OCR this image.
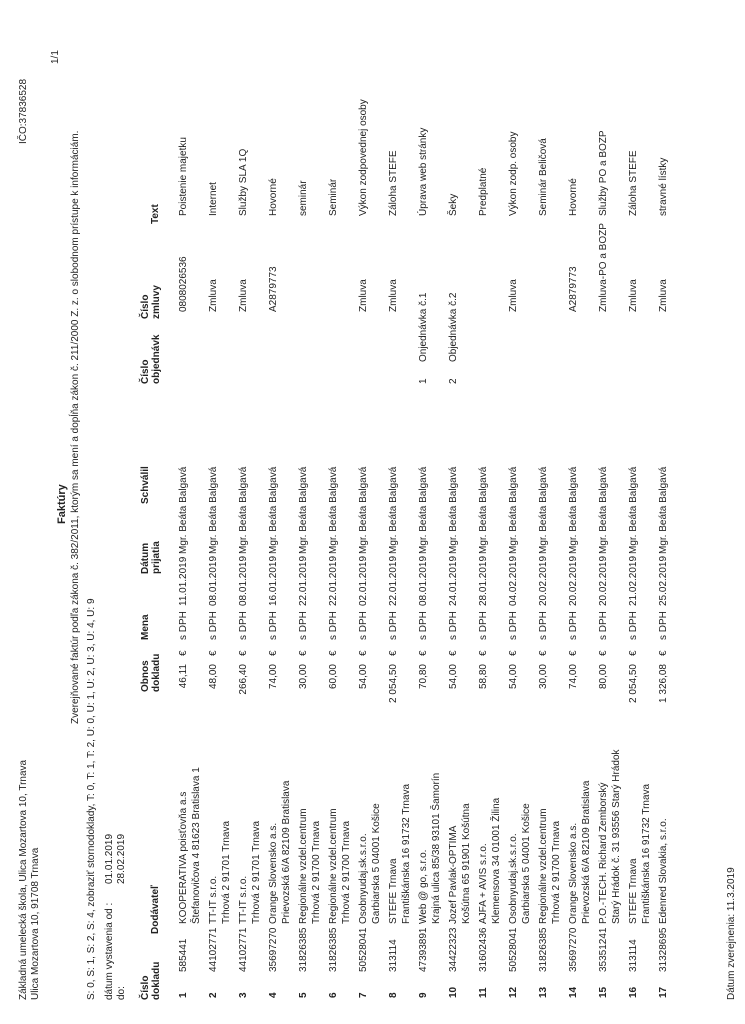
Základná umelecká škola, Ulica Mozartova 10, Trnava Ulica Mozartova 10, 91708 Trnava
IČO:37836528
1/1
Faktúry Zverejňované faktúr podľa zákona č. 382/2011, ktorým sa mení a dopĺňa zákon č. 211/2000 Z. z. o slobodnom prístupe k informáciám.
S: 0, S: 1, S: 2, S: 4, zobraziť stornodoklady, T: 0, T: 1, T: 2, U: 0, U: 1, U: 2, U: 3, U: 4, U: 9 dátum vystavenia od :
01.01.2019
do:
28.02.2019
Číslo dokladu
Dodávateľ
Obnos dokladu
Mena
Dátum prijatia
Schválil
Číslo objednávk
Číslo zmluvy
Text
1
585441
KOOPERATIVA poisťovňa a.s
46,11
€
s DPH
11.01.2019
Mgr. Beáta Balgavá
0808026536
Poistenie majetku
Štefanovičova 4 81623 Bratislava 1
2
44102771
TT-IT s.r.o.
48,00
€
s DPH
08.01.2019
Mgr. Beáta Balgavá
Zmluva
Internet
Trhová 2 91701 Trnava
3
44102771
TT-IT s.r.o.
266,40
€
s DPH
08.01.2019
Mgr. Beáta Balgavá
Zmluva
Služby SLA 1Q
Trhová 2 91701 Trnava
4
35697270
Orange Slovensko a.s.
74,00
€
s DPH
16.01.2019
Mgr. Beáta Balgavá
A2879773
Hovorné
Prievozská 6/A 82109 Bratislava
5
31826385
Regionálne vzdel.centrum
30,00
€
s DPH
22.01.2019
Mgr. Beáta Balgavá
seminár
Trhová 2 91700 Trnava
6
31826385
Regionálne vzdel.centrum
60,00
€
s DPH
22.01.2019
Mgr. Beáta Balgavá
Seminár
Trhová 2 91700 Trnava
7
50528041
Osobnyudaj.sk.s.r.o.
54,00
€
s DPH
02.01.2019
Mgr. Beáta Balgavá
Zmluva
Výkon zodpovednej osoby
Garbiarska 5 04001 Košice
8
313114
STEFE Trnava
2 054,50
€
s DPH
22.01.2019
Mgr. Beáta Balgavá
Zmluva
Záloha STEFE
Františkánska 16 91732 Trnava
9
47393891
Web @ go, s.r.o.
70,80
€
s DPH
08.01.2019
Mgr. Beáta Balgavá
1
Onjednávka č.1
Úprava web stránky
Krajná ulica 85/38 93101 Šamorín
10
34422323
Jozef Pavlak-OPTIMA
54,00
€
s DPH
24.01.2019
Mgr. Beáta Balgavá
2
Objednávka č.2
Šeky
Košútna 65 91901 Košútna
11
31602436
AJFA + AVIS s.r.o.
58,80
€
s DPH
28.01.2019
Mgr. Beáta Balgavá
Predplatné
Klemensova 34 01001 Žilina
12
50528041
Osobnyudaj.sk.s.r.o.
54,00
€
s DPH
04.02.2019
Mgr. Beáta Balgavá
Zmluva
Výkon zodp. osoby
Garbiarska 5 04001 Košice
13
31826385
Regionálne vzdel.centrum
30,00
€
s DPH
20.02.2019
Mgr. Beáta Balgavá
Seminár Beličová
Trhová 2 91700 Trnava
14
35697270
Orange Slovensko a.s.
74,00
€
s DPH
20.02.2019
Mgr. Beáta Balgavá
A2879773
Hovorné
Prievozská 6/A 82109 Bratislava
15
35351241
P.O.-TECH. Richard Zemborský
80,00
€
s DPH
20.02.2019
Mgr. Beáta Balgavá
Zmluva-PO a BOZP
Služby PO a BOZP
Starý Hrádok č. 31 93556 Starý Hrádok
16
313114
STEFE Trnava
2 054,50
€
s DPH
21.02.2019
Mgr. Beáta Balgavá
Zmluva
Záloha STEFE
Františkánska 16 91732 Trnava
17
31328695
Edenred Slovakia, s.r.o.
1 326,08
€
s DPH
25.02.2019
Mgr. Beáta Balgavá
Zmluva
stravné lístky
Dátum zverejnenia: 11.3.2019
